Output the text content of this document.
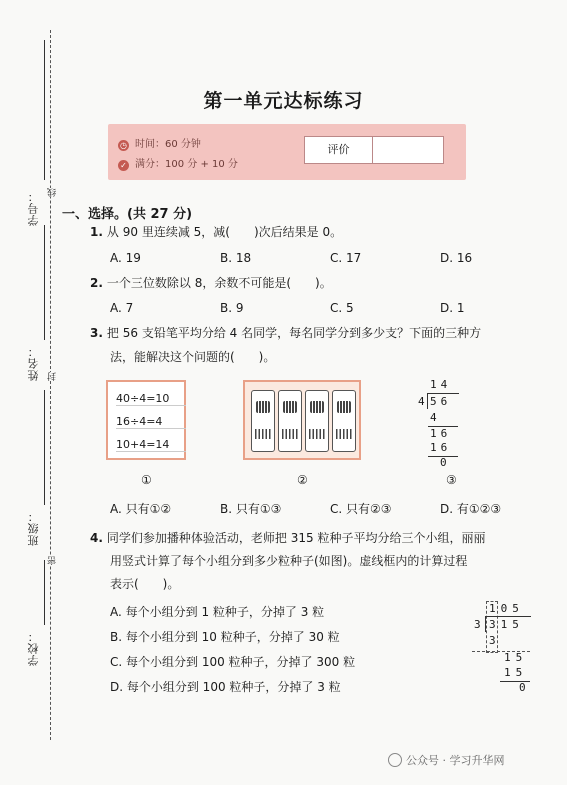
学号：
姓名：
班级：
学校：
线
封
密
第一单元达标练习
◷ 时间：60 分钟
✓ 满分：100 分 + 10 分
评价
一、选择。(共 27 分)
1. 从 90 里连续减 5，减(　　)次后结果是 0。
A. 19	B. 18	C. 17	D. 16
2. 一个三位数除以 8，余数不可能是(　　)。
A. 7	B. 9	C. 5	D. 1
3. 把 56 支铅笔平均分给 4 名同学，每名同学分到多少支？下面的三种方
法，能解决这个问题的(　　)。
40÷4=10
16÷4=4
10+4=14
14
4 56
4
16
16
0
①	②	③
A. 只有①②	B. 只有①③	C. 只有②③	D. 有①②③
4. 同学们参加播种体验活动，老师把 315 粒种子平均分给三个小组，丽丽
用竖式计算了每个小组分到多少粒种子(如图)。虚线框内的计算过程
表示(　　)。
A. 每个小组分到 1 粒种子，分掉了 3 粒
B. 每个小组分到 10 粒种子，分掉了 30 粒
C. 每个小组分到 100 粒种子，分掉了 300 粒
D. 每个小组分到 100 粒种子，分掉了 3 粒
105
3 315
3
15
15
0
公众号 · 学习升华网
